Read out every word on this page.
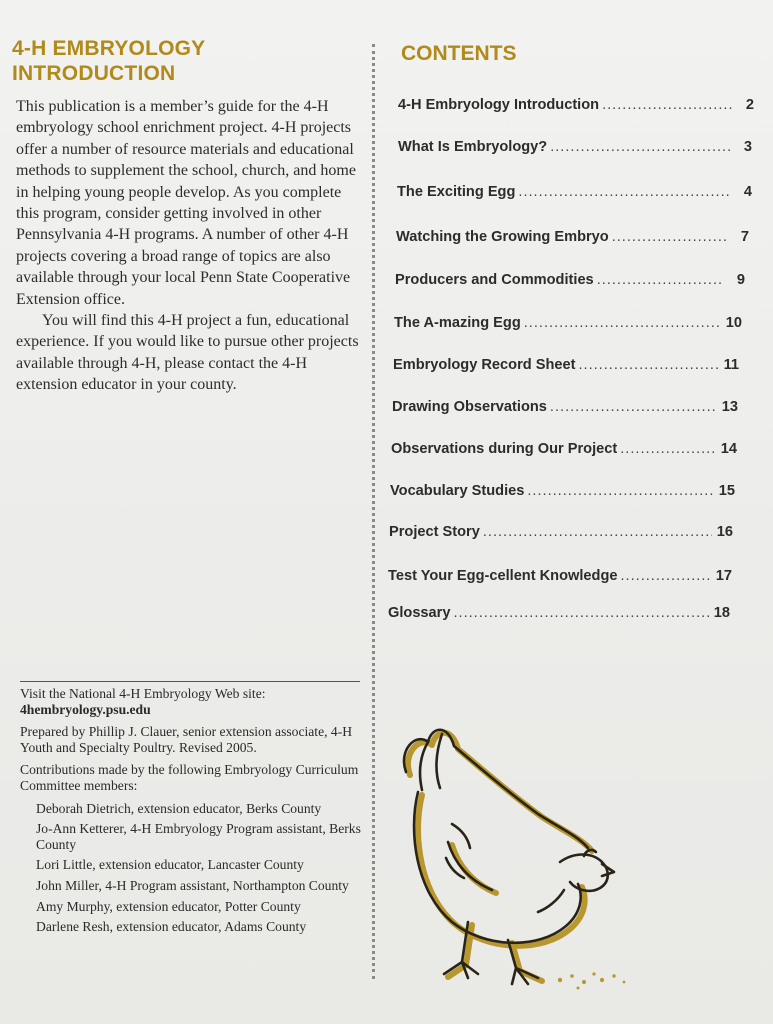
4-H EMBRYOLOGY
INTRODUCTION

This publication is a member’s guide for the 4-H embryology school enrichment project. 4-H projects offer a number of resource materials and educational methods to supplement the school, church, and home in helping young people develop. As you complete this program, consider getting involved in other Pennsylvania 4-H programs. A number of other 4-H projects covering a broad range of topics are also available through your local Penn State Cooperative Extension office.

You will find this 4-H project a fun, educational experience. If you would like to pursue other projects available through 4-H, please contact the 4-H extension educator in your county.

Visit the National 4-H Embryology Web site:
4hembryology.psu.edu
Prepared by Phillip J. Clauer, senior extension associate, 4-H Youth and Specialty Poultry. Revised 2005.
Contributions made by the following Embryology Curriculum Committee members:
Deborah Dietrich, extension educator, Berks County
Jo-Ann Ketterer, 4-H Embryology Program assistant, Berks County
Lori Little, extension educator, Lancaster County
John Miller, 4-H Program assistant, Northampton County
Amy Murphy, extension educator, Potter County
Darlene Resh, extension educator, Adams County
CONTENTS
4-H Embryology Introduction .....	2
What Is Embryology? .....	3
The Exciting Egg .....	4
Watching the Growing Embryo .....	7
Producers and Commodities .....	9
The A-mazing Egg .....	10
Embryology Record Sheet .....	11
Drawing Observations .....	13
Observations during Our Project .....	14
Vocabulary Studies .....	15
Project Story .....	16
Test Your Egg-cellent Knowledge .....	17
Glossary .....	18
